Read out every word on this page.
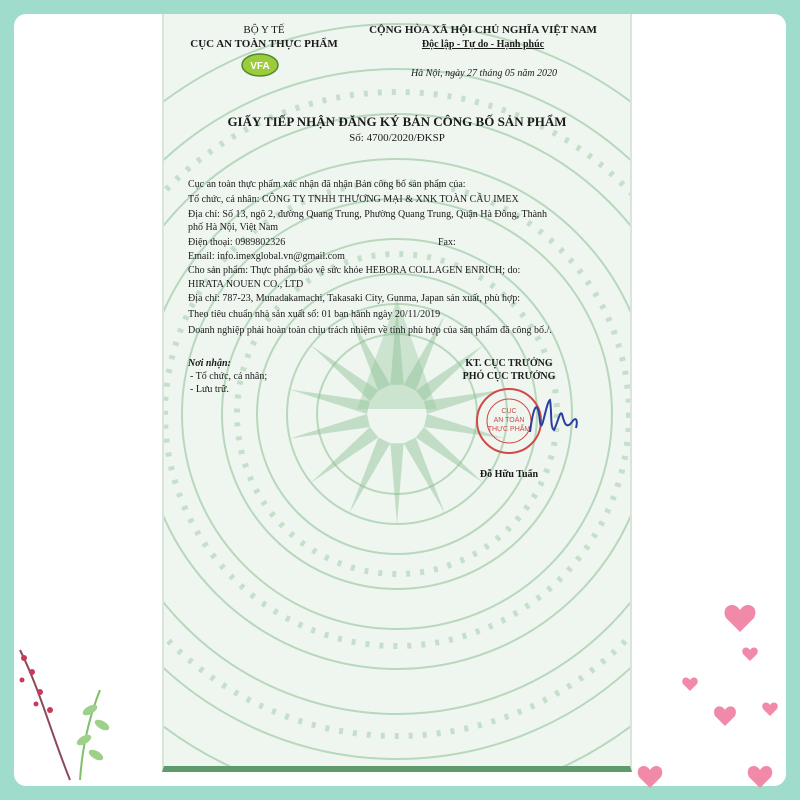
BỘ Y TẾ
CỤC AN TOÀN THỰC PHẨM
VFA
CỘNG HÒA XÃ HỘI CHỦ NGHĨA VIỆT NAM
Độc lập - Tự do - Hạnh phúc
Hà Nội, ngày 27 tháng 05 năm 2020
GIẤY TIẾP NHẬN ĐĂNG KÝ BẢN CÔNG BỐ SẢN PHẨM
Số: 4700/2020/ĐKSP
Cục an toàn thực phẩm xác nhận đã nhận Bản công bố sản phẩm của:
Tổ chức, cá nhân: CÔNG TY TNHH THƯƠNG MẠI & XNK TOÀN CẦU IMEX
Địa chỉ: Số 13, ngõ 2, đường Quang Trung, Phường Quang Trung, Quận Hà Đông, Thành
phố Hà Nội, Việt Nam
Điện thoại: 0989802326	Fax:
Email: info.imexglobal.vn@gmail.com
Cho sản phẩm: Thực phẩm bảo vệ sức khỏe HEBORA COLLAGEN ENRICH; do:
HIRATA NOUEN CO., LTD
Địa chỉ: 787-23, Munadakamachi, Takasaki City, Gunma, Japan sản xuất, phù hợp:
Theo tiêu chuẩn nhà sản xuất số: 01 ban hành ngày 20/11/2019
Doanh nghiệp phải hoàn toàn chịu trách nhiệm về tính phù hợp của sản phẩm đã công bố./.
Nơi nhận:
- Tổ chức, cá nhân;
- Lưu trữ.
KT. CỤC TRƯỞNG
PHÓ CỤC TRƯỞNG
CỤC
AN TOÀN
THỰC PHẨM
Đỗ Hữu Tuấn
